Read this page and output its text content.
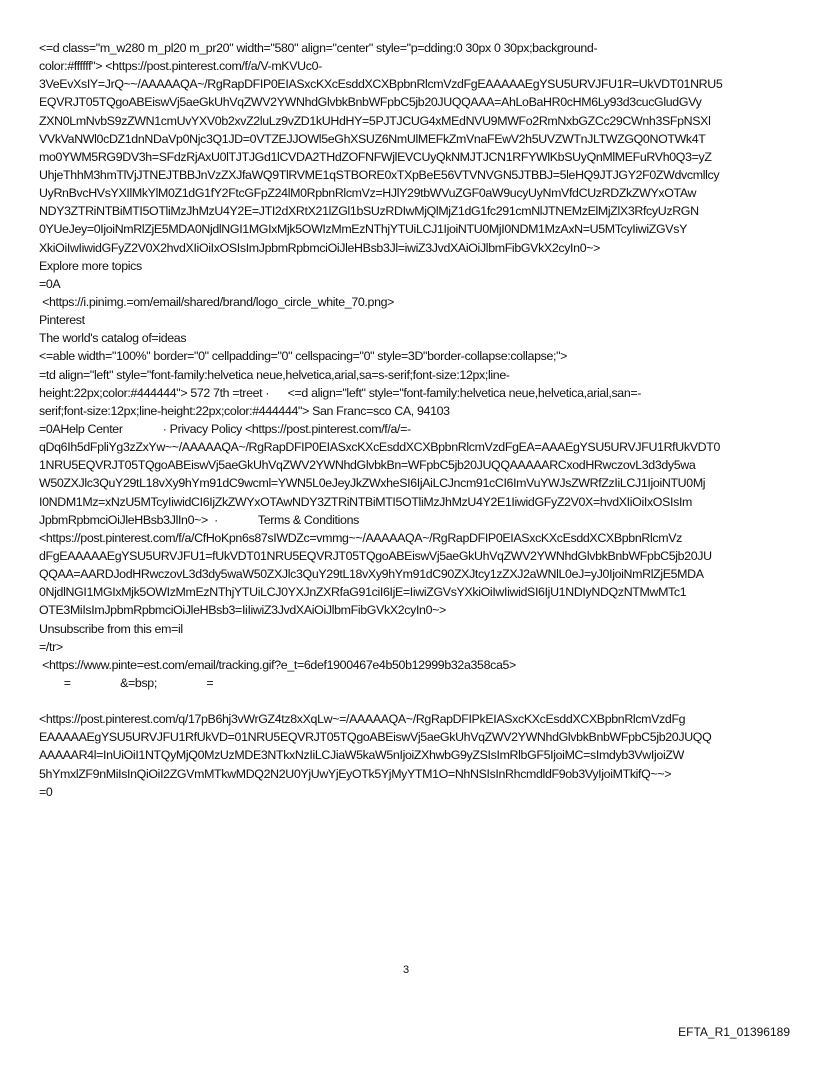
<=d class="m_w280 m_pl20 m_pr20" width="580" align="center" style="p=dding:0 30px 0 30px;background-
color:#ffffff"> <https://post.pinterest.com/f/a/V-mKVUc0-
3VeEvXsIY=JrQ~~/AAAAAQA~/RgRapDFIP0EIASxcKXcEsddXCXBpbnRlcmVzdFgEAAAAAEgYSU5URVJFU1R=UkVDT01NRU5
EQVRJT05TQgoABEiswVj5aeGkUhVqZWV2YWNhdGlvbkBnbWFpbC5jb20JUQQAAA=AhLoBaHR0cHM6Ly93d3cucGludGVy
ZXN0LmNvbS9zZWN1cmUvYXV0b2xvZ2luLz9vZD1kUHdHY=5PJTJCUG4xMEdNVU9MWFo2RmNxbGZCc29CWnh3SFpNSXl
VVkVaNWl0cDZ1dnNDaVp0Njc3Q1JD=0VTZEJJOWl5eGhXSUZ6NmUlMEFkZmVnaFEwV2h5UVZWTnJLTWZGQ0NOTWk4T
mo0YWM5RG9DV3h=SFdzRjAxU0lTJTJGd1lCVDA2THdZOFNFWjlEVCUyQkNMJTJCN1RFYWlKbSUyQnMlMEFuRVh0Q3=yZ
UhjeThhM3hmTlVjJTNEJTBBJnVzZXJfaWQ9TlRVME1qSTBORE0xTXpBeE56VTVNVGN5JTBBJ=5leHQ9JTJGY2F0ZWdvcmllcy
UyRnBvcHVsYXIlMkYlM0Z1dG1fY2FtcGFpZ24lM0RpbnRlcmVz=HJlY29tbWVuZGF0aW9ucyUyNmVfdCUzRDZkZWYxOTAw
NDY3ZTRiNTBiMTI5OTliMzJhMzU4Y2E=JTI2dXRtX21lZGl1bSUzRDIwMjQlMjZ1dG1fc291cmNlJTNEMzElMjZlX3RfcyUzRGN
0YUeJey=0IjoiNmRlZjE5MDA0NjdlNGI1MGIxMjk5OWIzMmEzNThjYTUiLCJ1IjoiNTU0MjI0NDM1MzAxN=U5MTcyIiwiZGVsY
XkiOiIwIiwidGFyZ2V0X2hvdXIiOiIxOSIsImJpbmRpbmciOiJleHBsb3Jl=iwiZ3JvdXAiOiJlbmFibGVkX2cyIn0~>
Explore more topics
=0A
<https://i.pinimg.=om/email/shared/brand/logo_circle_white_70.png>
Pinterest
The world's catalog of=ideas
<=able width="100%" border="0" cellpadding="0" cellspacing="0" style=3D"border-collapse:collapse;">
=td align="left" style="font-family:helvetica neue,helvetica,arial,sa=s-serif;font-size:12px;line-
height:22px;color:#444444"> 572 7th =treet ·      <=d align="left" style="font-family:helvetica neue,helvetica,arial,san=-
serif;font-size:12px;line-height:22px;color:#444444"> San Franc=sco CA, 94103
=0AHelp Center             · Privacy Policy <https://post.pinterest.com/f/a/=-
qDq6Ih5dFpliYg3zZxYw~~/AAAAAQA~/RgRapDFIP0EIASxcKXcEsddXCXBpbnRlcmVzdFgEA=AAAEgYSU5URVJFU1RfUkVDT0
1NRU5EQVRJT05TQgoABEiswVj5aeGkUhVqZWV2YWNhdGlvbkBn=WFpbC5jb20JUQQAAAAARCxodHRwczovL3d3dy5wa
W50ZXJlc3QuY29tL18vXy9hYm91dC9wcml=YWN5L0eJeyJkZWxheSI6IjAiLCJncm91cCI6ImVuYWJsZWRfZzIiLCJ1IjoiNTU0Mj
I0NDM1Mz=xNzU5MTcyIiwidCI6IjZkZWYxOTAwNDY3ZTRiNTBiMTI5OTliMzJhMzU4Y2E1IiwidGFyZ2V0X=hvdXIiOiIxOSIsIm
JpbmRpbmciOiJleHBsb3JlIn0~>  ·             Terms & Conditions
<https://post.pinterest.com/f/a/CfHoKpn6s87sIWDZc=vmmg~~/AAAAAQA~/RgRapDFIP0EIASxcKXcEsddXCXBpbnRlcmVz
dFgEAAAAAEgYSU5URVJFU1=fUkVDT01NRU5EQVRJT05TQgoABEiswVj5aeGkUhVqZWV2YWNhdGlvbkBnbWFpbC5jb20JU
QQAA=AARDJodHRwczovL3d3dy5waW50ZXJlc3QuY29tL18vXy9hYm91dC90ZXJtcy1zZXJ2aWNlL0eJ=yJ0IjoiNmRlZjE5MDA
0NjdlNGI1MGIxMjk5OWIzMmEzNThjYTUiLCJ0YXJnZXRfaG91ciI6IjE=IiwiZGVsYXkiOiIwIiwidSI6IjU1NDIyNDQzNTMwMTc1
OTE3MiIsImJpbmRpbmciOiJleHBsb3=IiIiwiZ3JvdXAiOiJlbmFibGVkX2cyIn0~>
Unsubscribe from this em=il
=/tr>
<https://www.pinte=est.com/email/tracking.gif?e_t=6def1900467e4b50b12999b32a358ca5>
=                &=bsp;                =
<https://post.pinterest.com/q/17pB6hj3vWrGZ4tz8xXqLw~=/AAAAAQA~/RgRapDFIPkEIASxcKXcEsddXCXBpbnRlcmVzdFg
EAAAAAEgYSU5URVJFU1RfUkVD=01NRU5EQVRJT05TQgoABEiswVj5aeGkUhVqZWV2YWNhdGlvbkBnbWFpbC5jb20JUQQ
AAAAAR4l=InUiOiI1NTQyMjQ0MzUzMDE3NTkxNzIiLCJiaW5kaW5nIjoiZXhwbG9yZSIsImRlbGF5IjoiMC=sImdyb3VwIjoiZW
5hYmxlZF9nMiIsInQiOiI2ZGVmMTkwMDQ2N2U0YjUwYjEyOTk5YjMyYTM1O=NhNSIsInRhcmdldF9ob3VyIjoiMTkifQ~~>
=0
3
EFTA_R1_01396189
